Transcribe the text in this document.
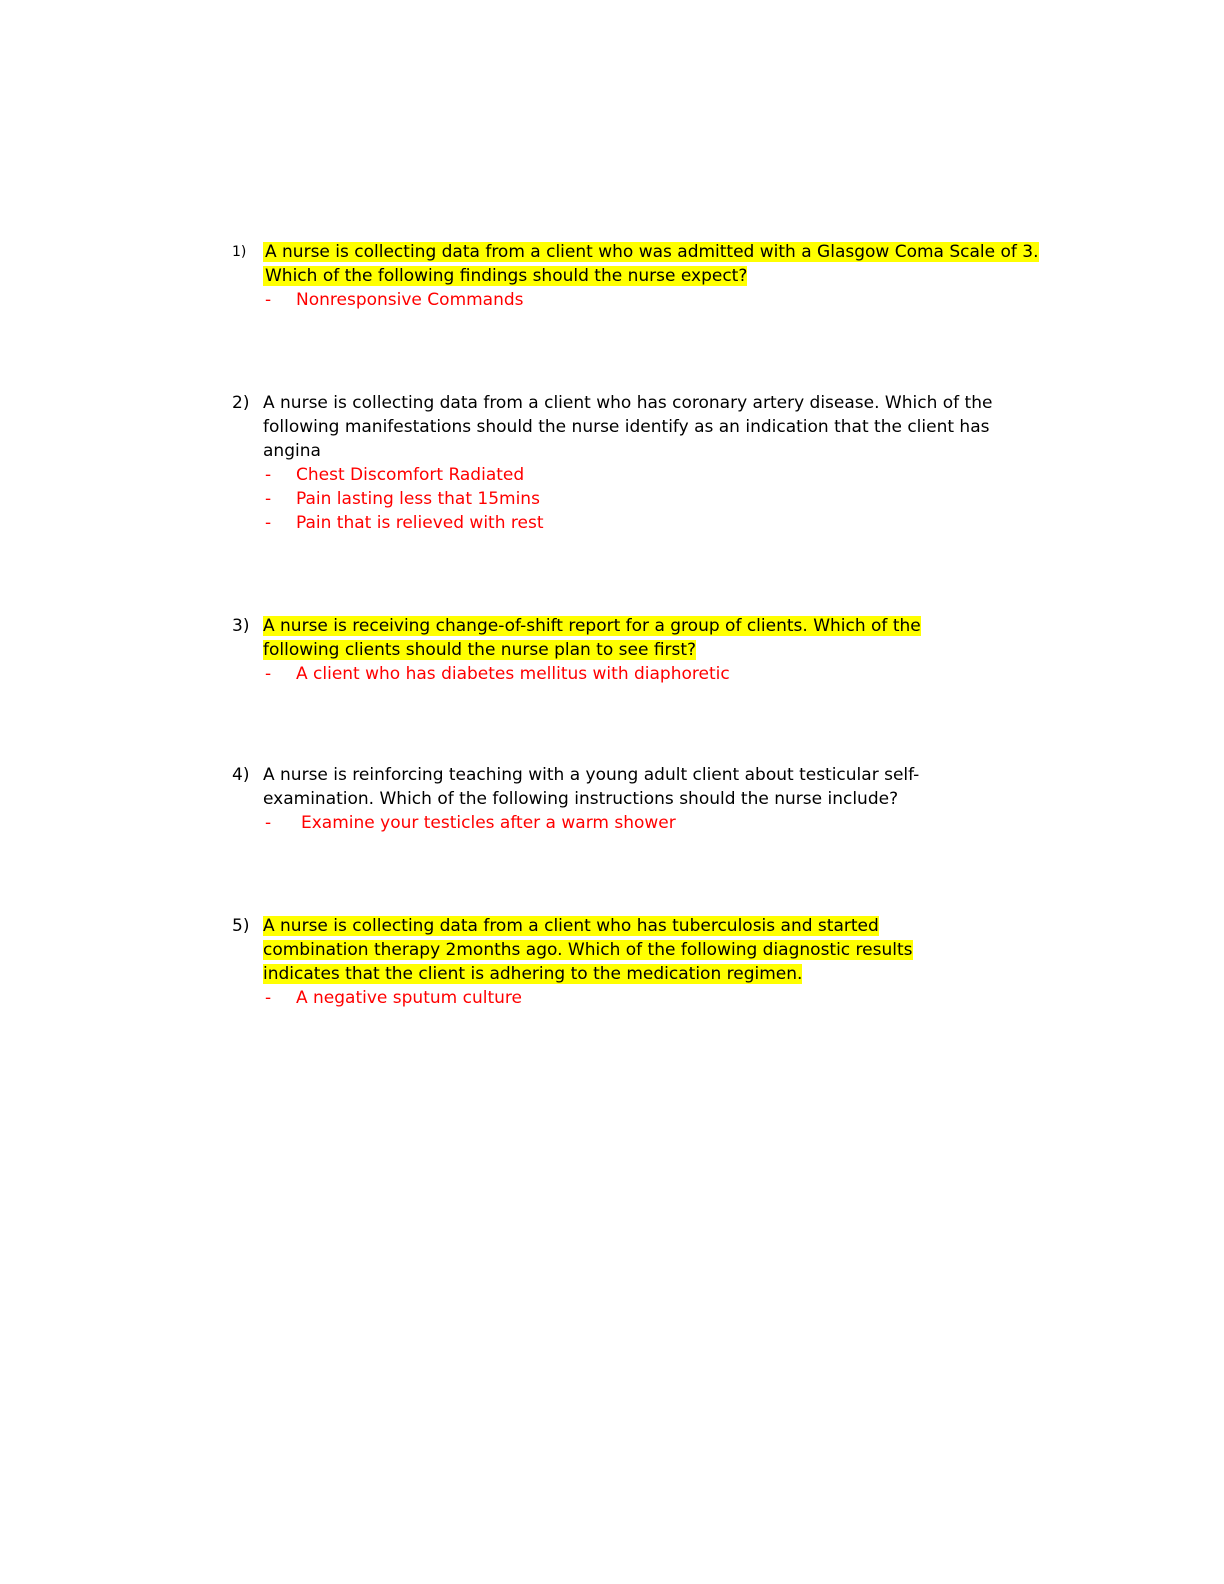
1)	A nurse is collecting data from a client who was admitted with a Glasgow Coma Scale of 3. Which of the following findings should the nurse expect?
-	Nonresponsive Commands
2) A nurse is collecting data from a client who has coronary artery disease. Which of the following manifestations should the nurse identify as an indication that the client has angina
-	Chest Discomfort Radiated
-	Pain lasting less that 15mins
-	Pain that is relieved with rest
3) A nurse is receiving change-of-shift report for a group of clients. Which of the following clients should the nurse plan to see first?
-	A client who has diabetes mellitus with diaphoretic
4) A nurse is reinforcing teaching with a young adult client about testicular self-examination. Which of the following instructions should the nurse include?
-	Examine your testicles after a warm shower
5) A nurse is collecting data from a client who has tuberculosis and started combination therapy 2months ago. Which of the following diagnostic results indicates that the client is adhering to the medication regimen.
-	A negative sputum culture
